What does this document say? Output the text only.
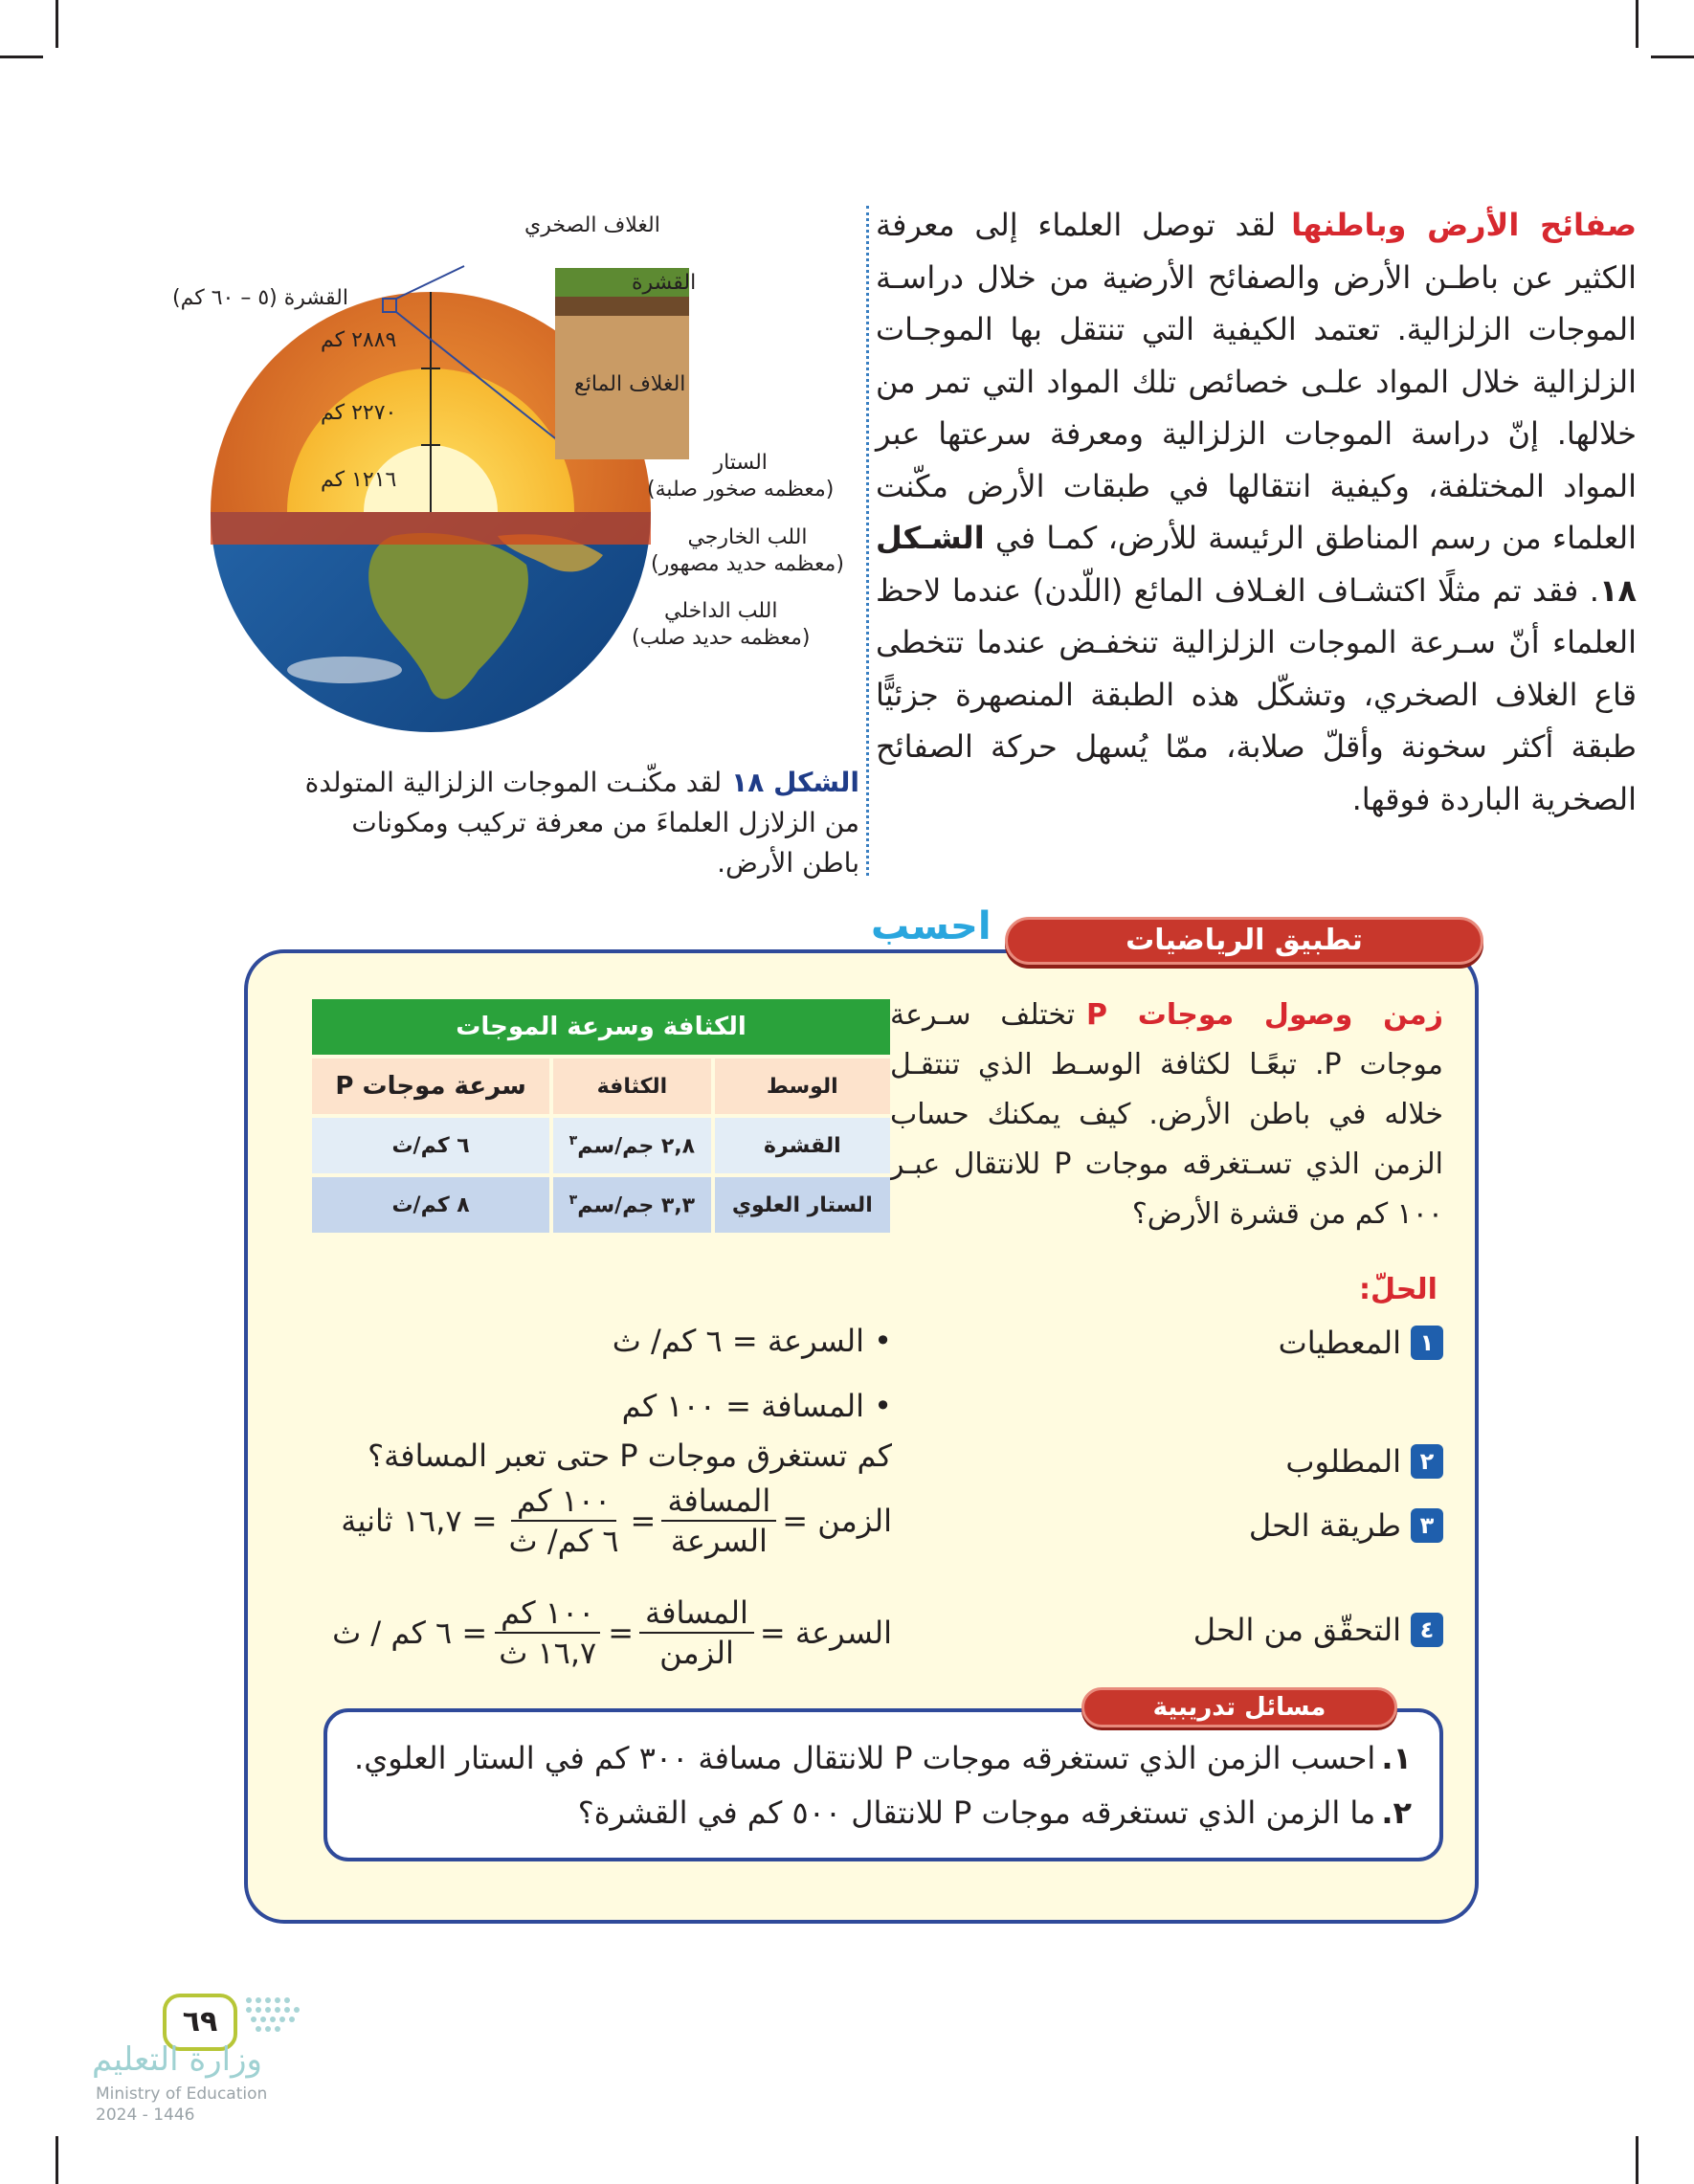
صفائح الأرض وباطنهالقد توصل العلماء إلى معرفة الكثير عن باطـن الأرض والصفائح الأرضية من خلال دراسـة الموجات الزلزالية. تعتمد الكيفية التي تنتقل بها الموجـات الزلزالية خلال المواد علـى خصائص تلك المواد التي تمر من خلالها. إنّ دراسة الموجات الزلزالية ومعرفة سرعتها عبر المواد المختلفة، وكيفية انتقالها في طبقات الأرض مكّنت العلماء من رسم المناطق الرئيسة للأرض، كمـا في الشـكل ١٨. فقد تم مثلًا اكتشـاف الغـلاف المائع (اللّدن) عندما لاحظ العلماء أنّ سـرعة الموجات الزلزالية تنخفـض عندما تتخطى قاع الغلاف الصخري، وتشكّل هذه الطبقة المنصهرة جزئيًّا طبقة أكثر سخونة وأقلّ صلابة، ممّا يُسهل حركة الصفائح الصخرية الباردة فوقها.
الغلاف الصخري
القشرة (٥ – ٦٠ كم)
القشرة
الغلاف المائع
٢٨٨٩ كم
٢٢٧٠ كم
١٢١٦ كم
الستار
(معظمه صخور صلبة)
اللب الخارجي
(معظمه حديد مصهور)
اللب الداخلي
(معظمه حديد صلب)
الشكل ١٨لقد مكّنـت الموجات الزلزالية المتولدة من الزلازل العلماءَ من معرفة تركيب ومكونات باطن الأرض.
تطبيق الرياضيات
احسب
زمن وصول موجات Pتختلف سـرعة موجات P. تبعًـا لكثافة الوسـط الذي تنتقـل خلاله في باطن الأرض. كيف يمكنك حساب الزمن الذي تسـتغرقه موجات P للانتقال عبـر ١٠٠ كم من قشرة الأرض؟
الكثافة وسرعة الموجات		
الوسط	الكثافة	سرعة موجات P
القشرة	٢,٨ جم/سم$^٣$	٦ كم/ث
الستار العلوي	٣,٣ جم/سم$^٣$	٨ كم/ث
الحلّ:
١
المعطيات
٢
المطلوب
٣
طريقة الحل
٤
التحقّق من الحل
• السرعة = ٦ كم/ ث
• المسافة = ١٠٠ كم
كم تستغرق موجات P حتى تعبر المسافة؟
الزمن =
$\frac{\text{المسافة}}{\text{السرعة}}$
=
$\frac{\text{١٠٠ كم}}{\text{٦ كم/ ث}}$
= ١٦,٧ ثانية
السرعة =
$\frac{\text{المسافة}}{\text{الزمن}}$
=
$\frac{\text{١٠٠ كم}}{\text{١٦,٧ ث}}$
= ٦ كم / ث
مسائل تدريبية
١.احسب الزمن الذي تستغرقه موجات P للانتقال مسافة ٣٠٠ كم في الستار العلوي.
٢.ما الزمن الذي تستغرقه موجات P للانتقال ٥٠٠ كم في القشرة؟
٦٩
وزارة التعليم
Ministry of Education
2024 - 1446
